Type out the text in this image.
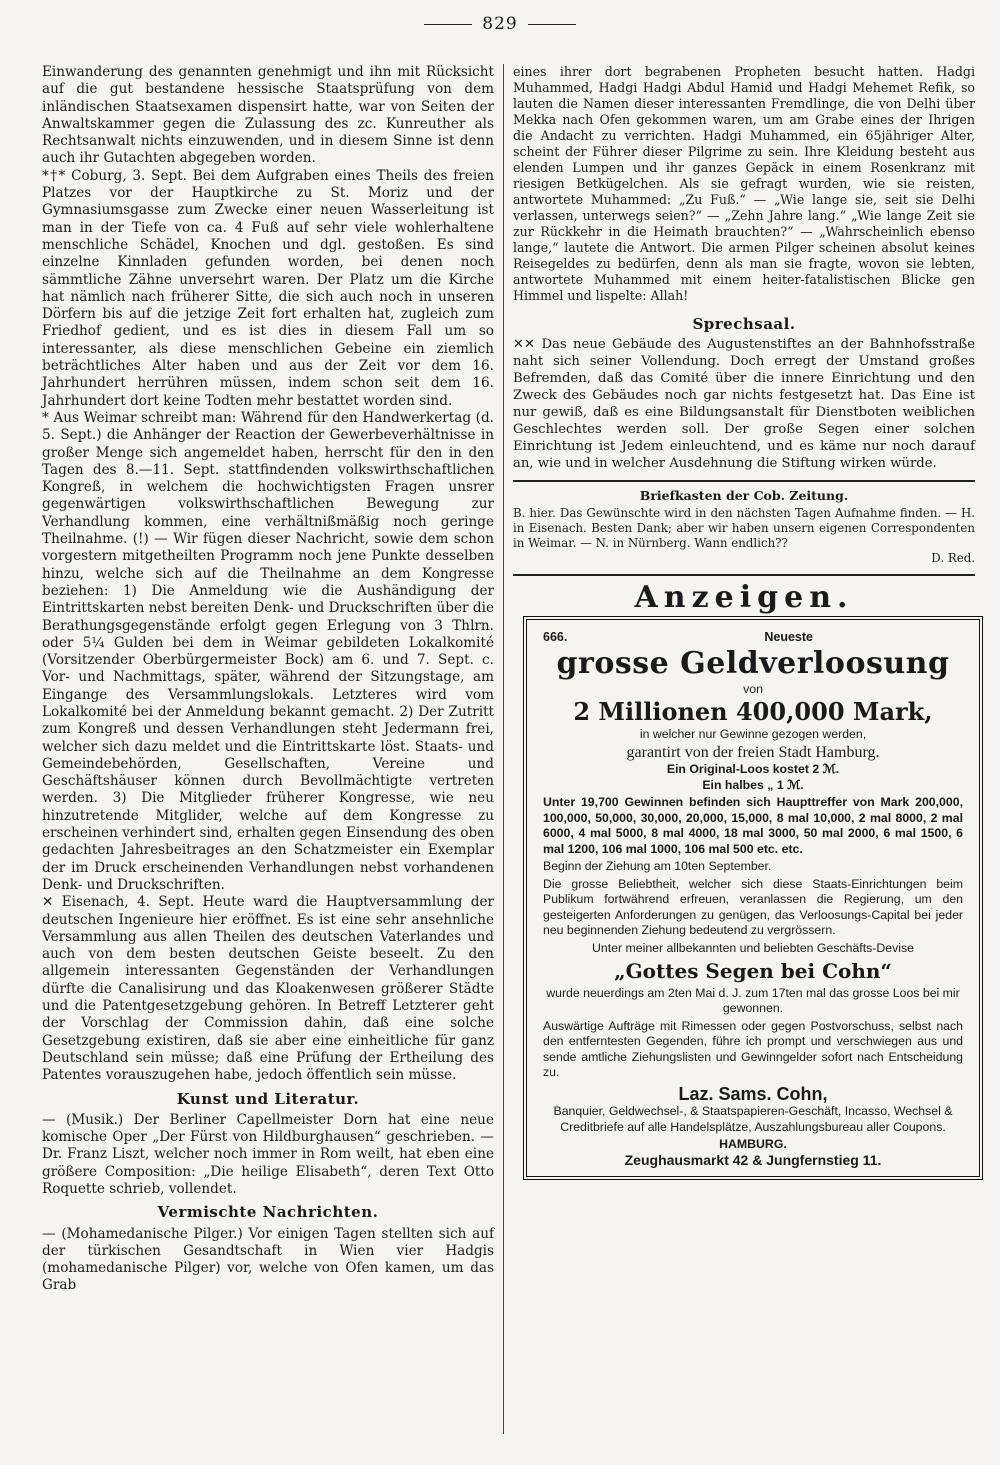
829

Einwanderung des genannten genehmigt und ihn mit Rücksicht auf die gut bestandene hessische Staatsprüfung von dem inländischen Staatsexamen dispensirt hatte, war von Seiten der Anwaltskammer gegen die Zulassung des zc. Kunreuther als Rechtsanwalt nichts einzuwenden, und in diesem Sinne ist denn auch ihr Gutachten abgegeben worden.

*†* Coburg, 3. Sept. Bei dem Aufgraben eines Theils des freien Platzes vor der Hauptkirche zu St. Moriz und der Gymnasiumsgasse zum Zwecke einer neuen Wasserleitung ist man in der Tiefe von ca. 4 Fuß auf sehr viele wohlerhaltene menschliche Schädel, Knochen und dgl. gestoßen. Es sind einzelne Kinnladen gefunden worden, bei denen noch sämmtliche Zähne unversehrt waren. Der Platz um die Kirche hat nämlich nach früherer Sitte, die sich auch noch in unseren Dörfern bis auf die jetzige Zeit fort erhalten hat, zugleich zum Friedhof gedient, und es ist dies in diesem Fall um so interessanter, als diese menschlichen Gebeine ein ziemlich beträchtliches Alter haben und aus der Zeit vor dem 16. Jahrhundert herrühren müssen, indem schon seit dem 16. Jahrhundert dort keine Todten mehr bestattet worden sind.

* Aus Weimar schreibt man: Während für den Handwerkertag (d. 5. Sept.) die Anhänger der Reaction der Gewerbeverhältnisse in großer Menge sich angemeldet haben, herrscht für den in den Tagen des 8.—11. Sept. stattfindenden volkswirthschaftlichen Kongreß, in welchem die hochwichtigsten Fragen unsrer gegenwärtigen volkswirthschaftlichen Bewegung zur Verhandlung kommen, eine verhältnißmäßig noch geringe Theilnahme. (!) — Wir fügen dieser Nachricht, sowie dem schon vorgestern mitgetheilten Programm noch jene Punkte desselben hinzu, welche sich auf die Theilnahme an dem Kongresse beziehen: 1) Die Anmeldung wie die Aushändigung der Eintrittskarten nebst bereiten Denk- und Druckschriften über die Berathungsgegenstände erfolgt gegen Erlegung von 3 Thlrn. oder 5¼ Gulden bei dem in Weimar gebildeten Lokalkomité (Vorsitzender Oberbürgermeister Bock) am 6. und 7. Sept. c. Vor- und Nachmittags, später, während der Sitzungstage, am Eingange des Versammlungslokals. Letzteres wird vom Lokalkomité bei der Anmeldung bekannt gemacht. 2) Der Zutritt zum Kongreß und dessen Verhandlungen steht Jedermann frei, welcher sich dazu meldet und die Eintrittskarte löst. Staats- und Gemeindebehörden, Gesellschaften, Vereine und Geschäftshäuser können durch Bevollmächtigte vertreten werden. 3) Die Mitglieder früherer Kongresse, wie neu hinzutretende Mitglider, welche auf dem Kongresse zu erscheinen verhindert sind, erhalten gegen Einsendung des oben gedachten Jahresbeitrages an den Schatzmeister ein Exemplar der im Druck erscheinenden Verhandlungen nebst vorhandenen Denk- und Druckschriften.

✕ Eisenach, 4. Sept. Heute ward die Hauptversammlung der deutschen Ingenieure hier eröffnet. Es ist eine sehr ansehnliche Versammlung aus allen Theilen des deutschen Vaterlandes und auch von dem besten deutschen Geiste beseelt. Zu den allgemein interessanten Gegenständen der Verhandlungen dürfte die Canalisirung und das Kloakenwesen größerer Städte und die Patentgesetzgebung gehören. In Betreff Letzterer geht der Vorschlag der Commission dahin, daß eine solche Gesetzgebung existiren, daß sie aber eine einheitliche für ganz Deutschland sein müsse; daß eine Prüfung der Ertheilung des Patentes vorauszugehen habe, jedoch öffentlich sein müsse.

Kunst und Literatur.

— (Musik.) Der Berliner Capellmeister Dorn hat eine neue komische Oper „Der Fürst von Hildburghausen“ geschrieben. — Dr. Franz Liszt, welcher noch immer in Rom weilt, hat eben eine größere Composition: „Die heilige Elisabeth“, deren Text Otto Roquette schrieb, vollendet.

Vermischte Nachrichten.

— (Mohamedanische Pilger.) Vor einigen Tagen stellten sich auf der türkischen Gesandtschaft in Wien vier Hadgis (mohamedanische Pilger) vor, welche von Ofen kamen, um das Grab

eines ihrer dort begrabenen Propheten besucht hatten. Hadgi Muhammed, Hadgi Hadgi Abdul Hamid und Hadgi Mehemet Refik, so lauten die Namen dieser interessanten Fremdlinge, die von Delhi über Mekka nach Ofen gekommen waren, um am Grabe eines der Ihrigen die Andacht zu verrichten. Hadgi Muhammed, ein 65jähriger Alter, scheint der Führer dieser Pilgrime zu sein. Ihre Kleidung besteht aus elenden Lumpen und ihr ganzes Gepäck in einem Rosenkranz mit riesigen Betkügelchen. Als sie gefragt wurden, wie sie reisten, antwortete Muhammed: „Zu Fuß.“ — „Wie lange sie, seit sie Delhi verlassen, unterwegs seien?“ — „Zehn Jahre lang.“ „Wie lange Zeit sie zur Rückkehr in die Heimath brauchten?“ — „Wahrscheinlich ebenso lange,“ lautete die Antwort. Die armen Pilger scheinen absolut keines Reisegeldes zu bedürfen, denn als man sie fragte, wovon sie lebten, antwortete Muhammed mit einem heiter-fatalistischen Blicke gen Himmel und lispelte: Allah!

Sprechsaal.

✕✕ Das neue Gebäude des Augustenstiftes an der Bahnhofsstraße naht sich seiner Vollendung. Doch erregt der Umstand großes Befremden, daß das Comité über die innere Einrichtung und den Zweck des Gebäudes noch gar nichts festgesetzt hat. Das Eine ist nur gewiß, daß es eine Bildungsanstalt für Dienstboten weiblichen Geschlechtes werden soll. Der große Segen einer solchen Einrichtung ist Jedem einleuchtend, und es käme nur noch darauf an, wie und in welcher Ausdehnung die Stiftung wirken würde.

Briefkasten der Cob. Zeitung.

B. hier. Das Gewünschte wird in den nächsten Tagen Aufnahme finden. — H. in Eisenach. Besten Dank; aber wir haben unsern eigenen Correspondenten in Weimar. — N. in Nürnberg. Wann endlich??

D. Red.
Anzeigen.
666.	Neueste
grosse Geldverloosung
von
2 Millionen 400,000 Mark,
in welcher nur Gewinne gezogen werden,
garantirt von der freien Stadt Hamburg.
Ein Original-Loos kostet 2 ℳ.
Ein halbes „ 1 ℳ.

Unter 19,700 Gewinnen befinden sich Haupttreffer von Mark 200,000, 100,000, 50,000, 30,000, 20,000, 15,000, 8 mal 10,000, 2 mal 8000, 2 mal 6000, 4 mal 5000, 8 mal 4000, 18 mal 3000, 50 mal 2000, 6 mal 1500, 6 mal 1200, 106 mal 1000, 106 mal 500 etc. etc.

Beginn der Ziehung am 10ten September.

Die grosse Beliebtheit, welcher sich diese Staats-Einrichtungen beim Publikum fortwährend erfreuen, veranlassen die Regierung, um den gesteigerten Anforderungen zu genügen, das Verloosungs-Capital bei jeder neu beginnenden Ziehung bedeutend zu vergrössern.

Unter meiner allbekannten und beliebten Geschäfts-Devise

„Gottes Segen bei Cohn“

wurde neuerdings am 2ten Mai d. J. zum 17ten mal das grosse Loos bei mir gewonnen.

Auswärtige Aufträge mit Rimessen oder gegen Postvorschuss, selbst nach den entferntesten Gegenden, führe ich prompt und verschwiegen aus und sende amtliche Ziehungslisten und Gewinngelder sofort nach Entscheidung zu.

Laz. Sams. Cohn,

Banquier, Geldwechsel-, & Staatspapieren-Geschäft, Incasso, Wechsel & Creditbriefe auf alle Handelsplätze, Auszahlungsbureau aller Coupons.

HAMBURG.
Zeughausmarkt 42 & Jungfernstieg 11.
